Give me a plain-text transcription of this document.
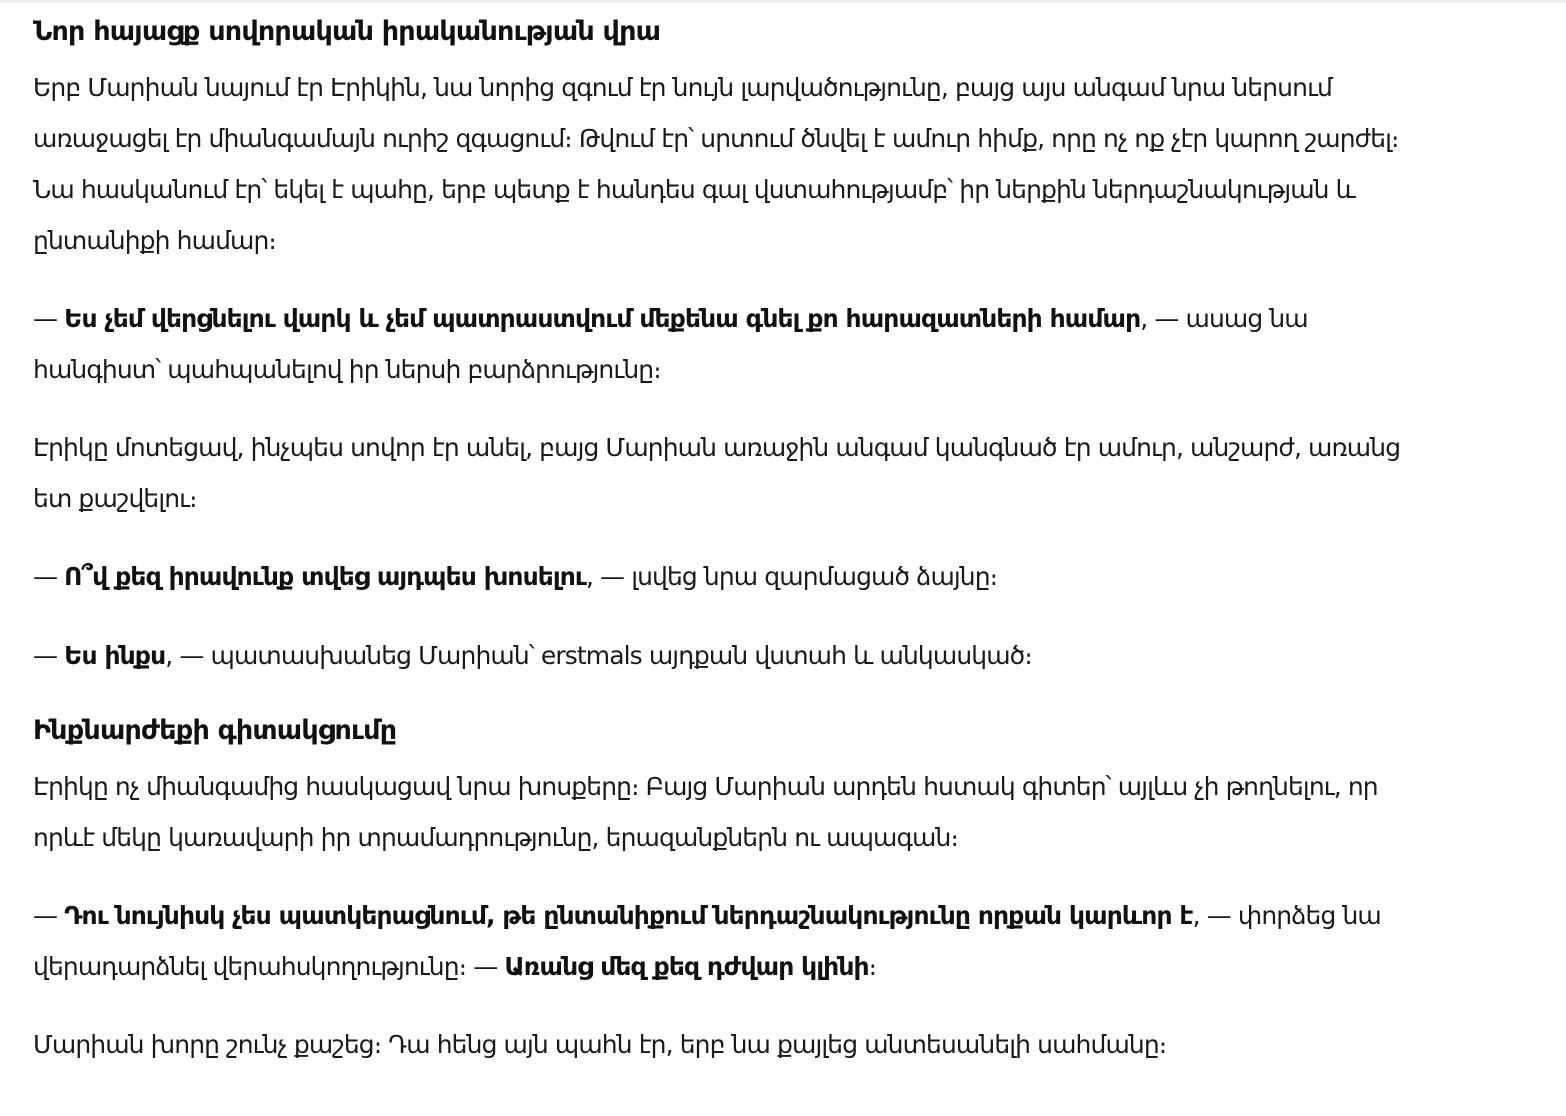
Նոր հայացք սովորական իրականության վրա

Երբ Մարիան նայում էր Էրիկին, նա նորից զգում էր նույն լարվածությունը, բայց այս անգամ նրա ներսում առաջացել էր միանգամայն ուրիշ զգացում։ Թվում էր՝ սրտում ծնվել է ամուր հիմք, որը ոչ ոք չէր կարող շարժել։ Նա հասկանում էր՝ եկել է պահը, երբ պետք է հանդես գալ վստահությամբ՝ իր ներքին ներդաշնակության և ընտանիքի համար։

— Ես չեմ վերցնելու վարկ և չեմ պատրաստվում մեքենա գնել քո հարազատների համար, — ասաց նա հանգիստ՝ պահպանելով իր ներսի բարձրությունը։

Էրիկը մոտեցավ, ինչպես սովոր էր անել, բայց Մարիան առաջին անգամ կանգնած էր ամուր, անշարժ, առանց ետ քաշվելու։

— Ո՞վ քեզ իրավունք տվեց այդպես խոսելու, — լսվեց նրա զարմացած ձայնը։

— Ես ինքս, — պատասխանեց Մարիան՝ erstmals այդքան վստահ և անկասկած։

Ինքնարժեքի գիտակցումը

Էրիկը ոչ միանգամից հասկացավ նրա խոսքերը։ Բայց Մարիան արդեն հստակ գիտեր՝ այլևս չի թողնելու, որ որևէ մեկը կառավարի իր տրամադրությունը, երազանքներն ու ապագան։

— Դու նույնիսկ չես պատկերացնում, թե ընտանիքում ներդաշնակությունը որքան կարևոր է, — փորձեց նա վերադարձնել վերահսկողությունը։ — Առանց մեզ քեզ դժվար կլինի։

Մարիան խորը շունչ քաշեց։ Դա հենց այն պահն էր, երբ նա քայլեց անտեսանելի սահմանը։
